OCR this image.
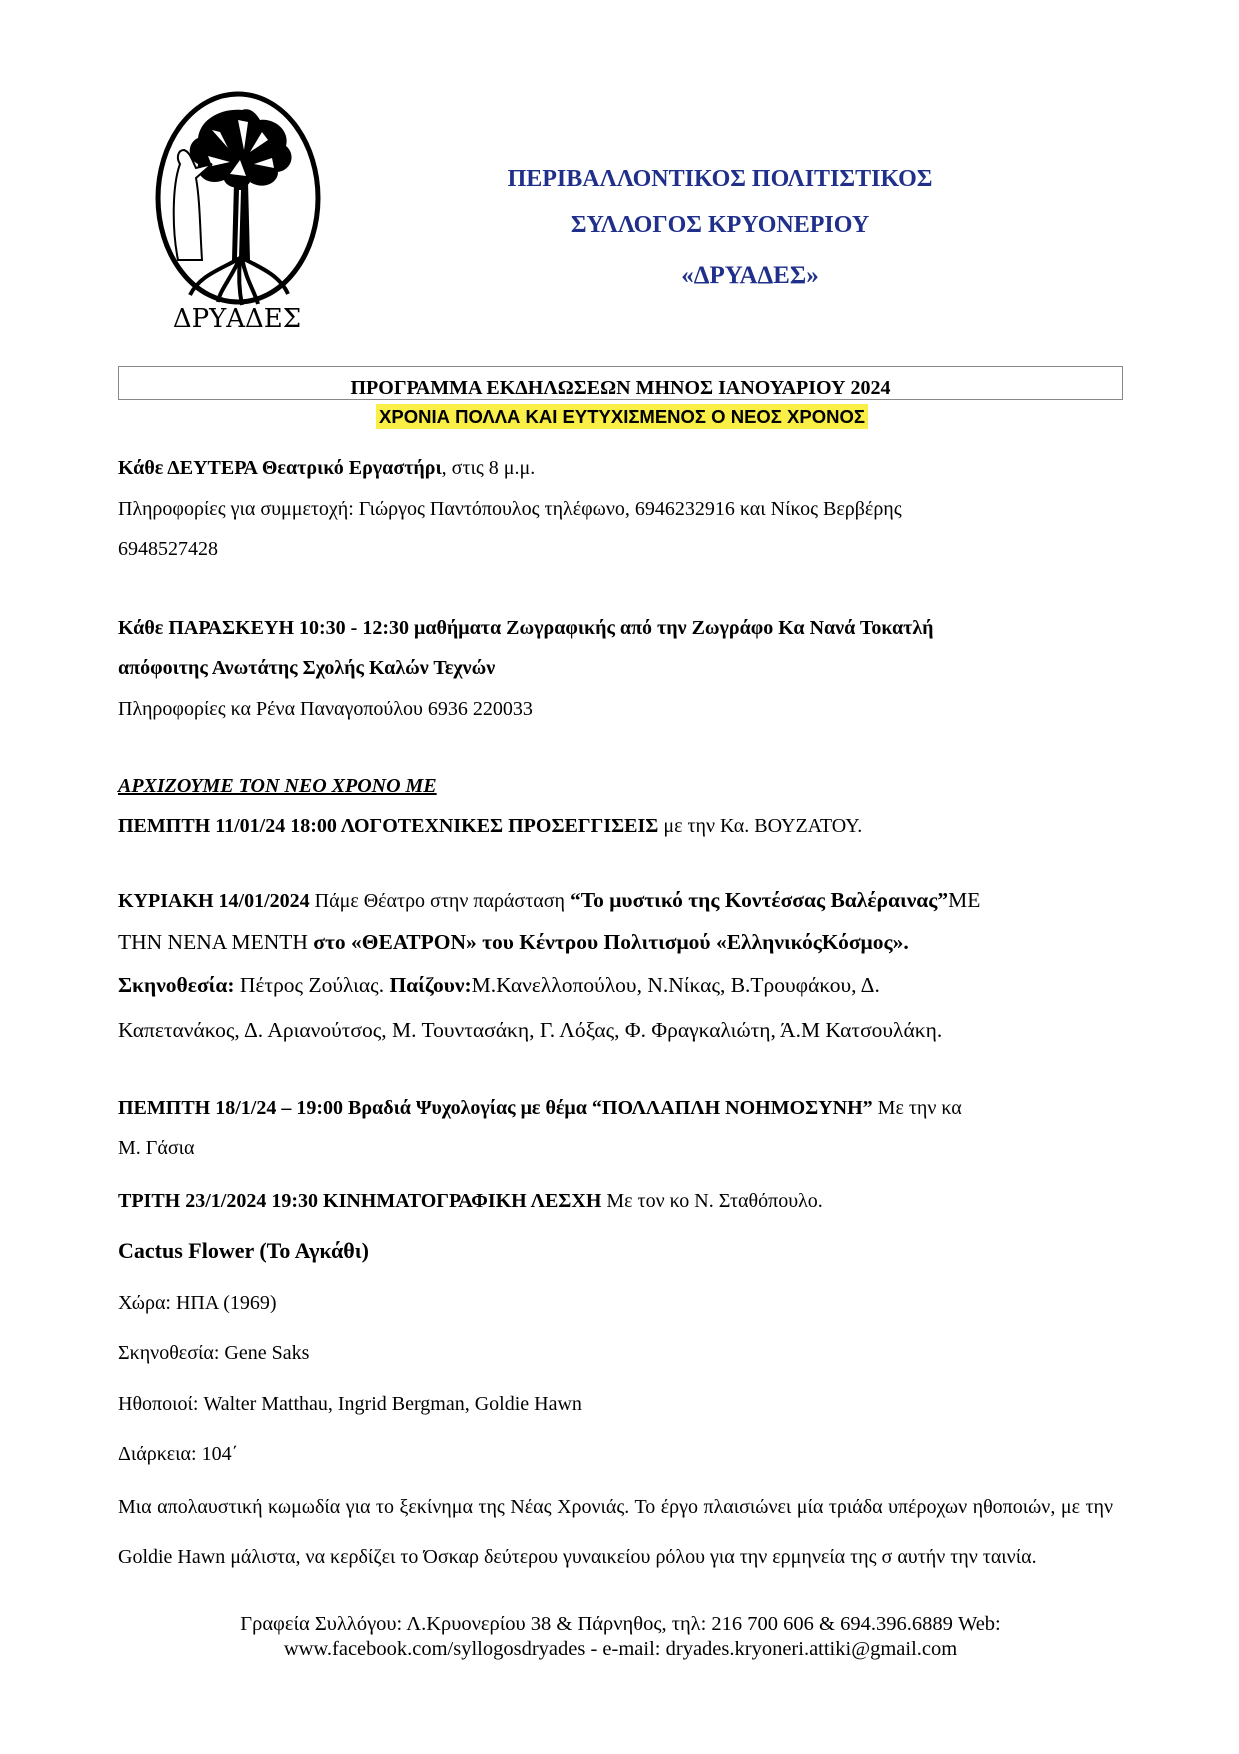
ΔΡΥΑΔΕΣ
ΠΕΡΙΒΑΛΛΟΝΤΙΚΟΣ ΠΟΛΙΤΙΣΤΙΚΟΣ
ΣΥΛΛΟΓΟΣ ΚΡΥΟΝΕΡΙΟΥ
«ΔΡΥΑΔΕΣ»
ΠΡΟΓΡΑΜΜΑ ΕΚΔΗΛΩΣΕΩΝ ΜΗΝΟΣ ΙΑΝΟΥΑΡΙΟΥ 2024
ΧΡΟΝΙΑ ΠΟΛΛΑ ΚΑΙ ΕΥΤΥΧΙΣΜΕΝΟΣ Ο ΝΕΟΣ ΧΡΟΝΟΣ
Κάθε ΔΕΥΤΕΡΑ Θεατρικό Εργαστήρι, στις 8 μ.μ.
Πληροφορίες για συμμετοχή: Γιώργος Παντόπουλος τηλέφωνο, 6946232916 και Νίκος Βερβέρης
6948527428
Κάθε ΠΑΡΑΣΚΕΥΗ 10:30 - 12:30 μαθήματα Ζωγραφικής από την Ζωγράφο Κα Νανά Τοκατλή
απόφοιτης Ανωτάτης Σχολής Καλών Τεχνών
Πληροφορίες κα Ρένα Παναγοπούλου 6936 220033
ΑΡΧΙΖΟΥΜΕ ΤΟΝ ΝΕΟ ΧΡΟΝΟ ΜΕ
ΠΕΜΠΤΗ 11/01/24 18:00 ΛΟΓΟΤΕΧΝΙΚΕΣ ΠΡΟΣΕΓΓΙΣΕΙΣ με την Κα. ΒΟΥΖΑΤΟΥ.
ΚΥΡΙΑΚΗ 14/01/2024 Πάμε Θέατρο στην παράσταση “Το μυστικό της Κοντέσσας Βαλέραινας”ΜΕ
ΤΗΝ ΝΕΝΑ ΜΕΝΤΗ στο «ΘΕΑΤΡΟΝ» του Κέντρου Πολιτισμού «ΕλληνικόςΚόσμος».
Σκηνοθεσία: Πέτρος Ζούλιας. Παίζουν:Μ.Κανελλοπούλου, Ν.Νίκας, Β.Τρουφάκου, Δ.
Καπετανάκος, Δ. Αριανούτσος, Μ. Τουντασάκη, Γ. Λόξας, Φ. Φραγκαλιώτη, Ά.Μ Κατσουλάκη.
ΠΕΜΠΤΗ 18/1/24 – 19:00 Βραδιά Ψυχολογίας με θέμα “ΠΟΛΛΑΠΛΗ ΝΟΗΜΟΣΥΝΗ” Με την κα
Μ. Γάσια
ΤΡΙΤΗ 23/1/2024 19:30 ΚΙΝΗΜΑΤΟΓΡΑΦΙΚΗ ΛΕΣΧΗ Με τον κο Ν. Σταθόπουλο.
Cactus Flower (Το Αγκάθι)
Χώρα: ΗΠΑ (1969)
Σκηνοθεσία: Gene Saks
Ηθοποιοί: Walter Matthau, Ingrid Bergman, Goldie Hawn
Διάρκεια: 104΄
Μια απολαυστική κωμωδία για το ξεκίνημα της Νέας Χρονιάς. Το έργο πλαισιώνει μία τριάδα υπέροχων ηθοποιών, με την Goldie Hawn μάλιστα, να κερδίζει το Όσκαρ δεύτερου γυναικείου ρόλου για την ερμηνεία της σ αυτήν την ταινία.
Γραφεία Συλλόγου: Λ.Κρυονερίου 38 & Πάρνηθος, τηλ: 216 700 606 & 694.396.6889 Web:
www.facebook.com/syllogosdryades - e-mail: dryades.kryoneri.attiki@gmail.com
